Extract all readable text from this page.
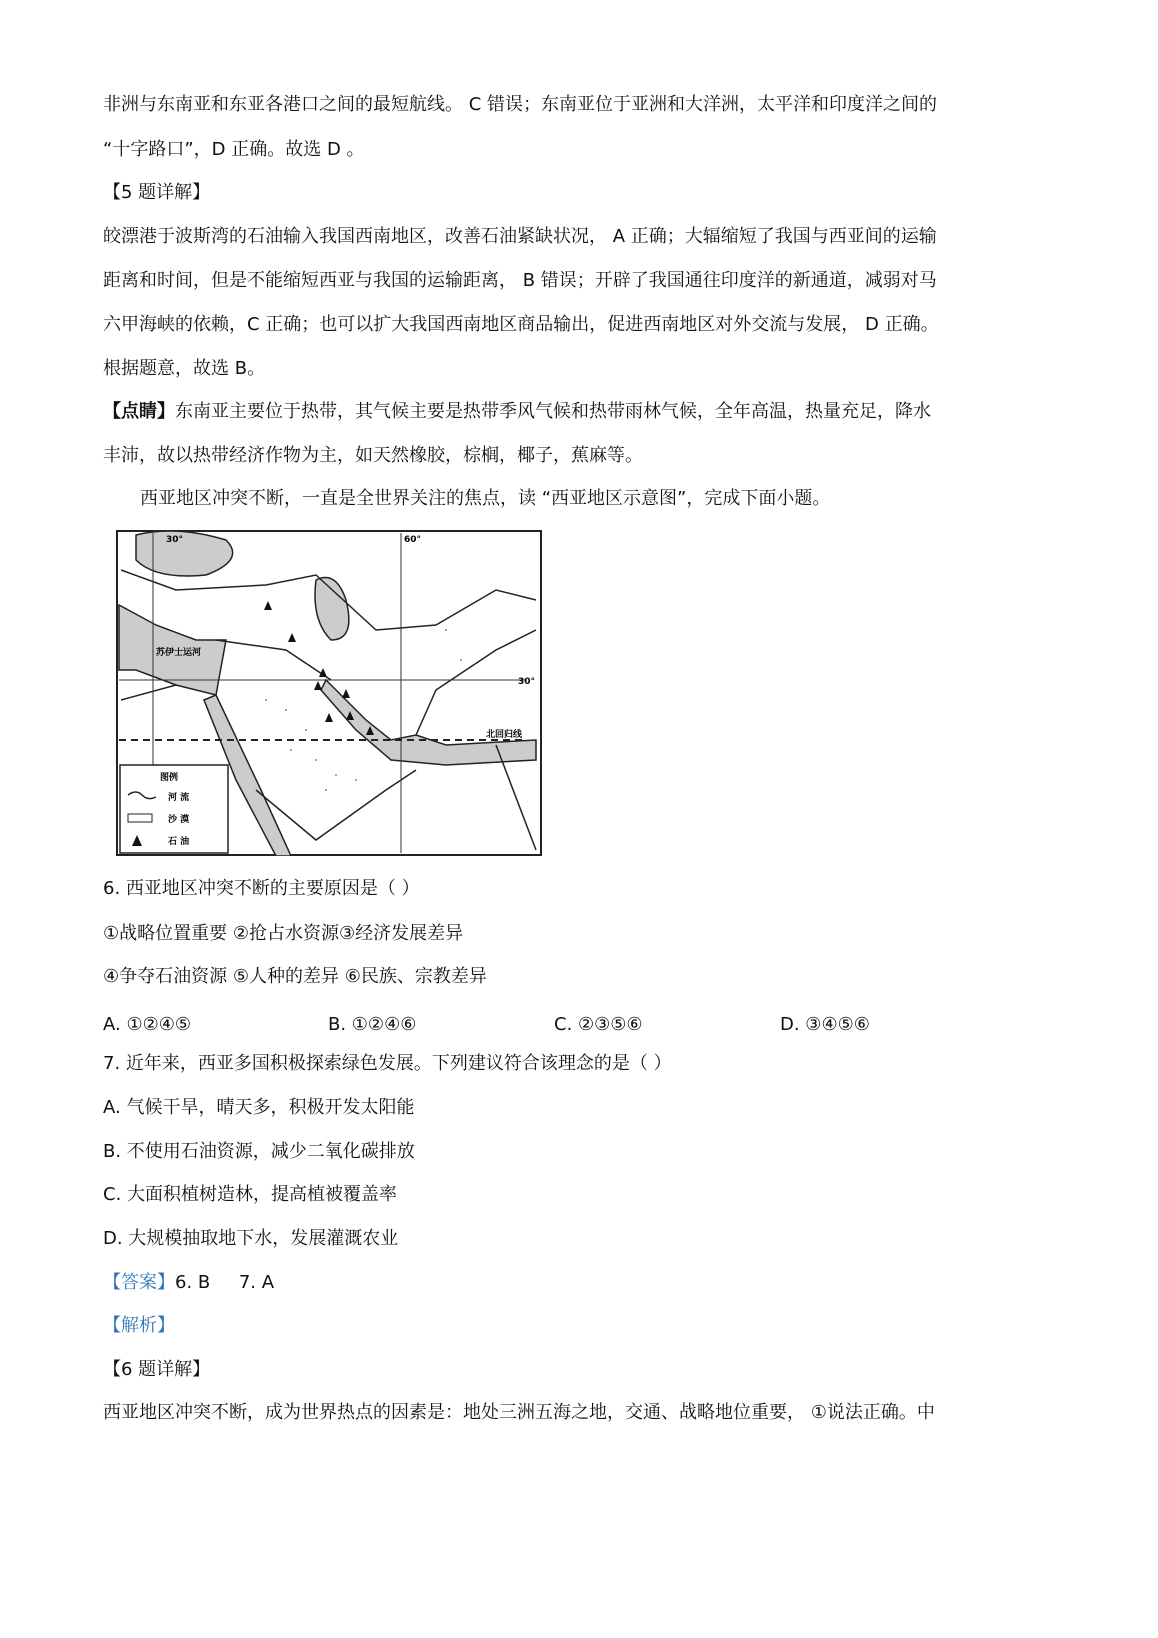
非洲与东南亚和东亚各港口之间的最短航线。 C 错误；东南亚位于亚洲和大洋洲，太平洋和印度洋之间的
“十字路口”，D 正确。故选 D 。
【5 题详解】
皎漂港于波斯湾的石油输入我国西南地区，改善石油紧缺状况， A 正确；大辐缩短了我国与西亚间的运输
距离和时间，但是不能缩短西亚与我国的运输距离， B 错误；开辟了我国通往印度洋的新通道，减弱对马
六甲海峡的依赖，C 正确；也可以扩大我国西南地区商品输出，促进西南地区对外交流与发展， D 正确。
根据题意，故选 B。
【点睛】东南亚主要位于热带，其气候主要是热带季风气候和热带雨林气候，全年高温，热量充足，降水
丰沛，故以热带经济作物为主，如天然橡胶，棕榈，椰子，蕉麻等。
西亚地区冲突不断，一直是全世界关注的焦点，读 “西亚地区示意图”，完成下面小题。
30°	60°
30°
北回归线
苏伊士运河
图例
河 流
沙 漠
石 油
6. 西亚地区冲突不断的主要原因是（ ）
①战略位置重要 ②抢占水资源③经济发展差异
④争夺石油资源 ⑤人种的差异 ⑥民族、宗教差异
A. ①②④⑤	B. ①②④⑥	C. ②③⑤⑥	D. ③④⑤⑥
7. 近年来，西亚多国积极探索绿色发展。下列建议符合该理念的是（ ）
A. 气候干旱，晴天多，积极开发太阳能
B. 不使用石油资源，减少二氧化碳排放
C. 大面积植树造林，提高植被覆盖率
D. 大规模抽取地下水，发展灌溉农业
【答案】6. B     7. A
【解析】
【6 题详解】
西亚地区冲突不断，成为世界热点的因素是：地处三洲五海之地，交通、战略地位重要， ①说法正确。中
